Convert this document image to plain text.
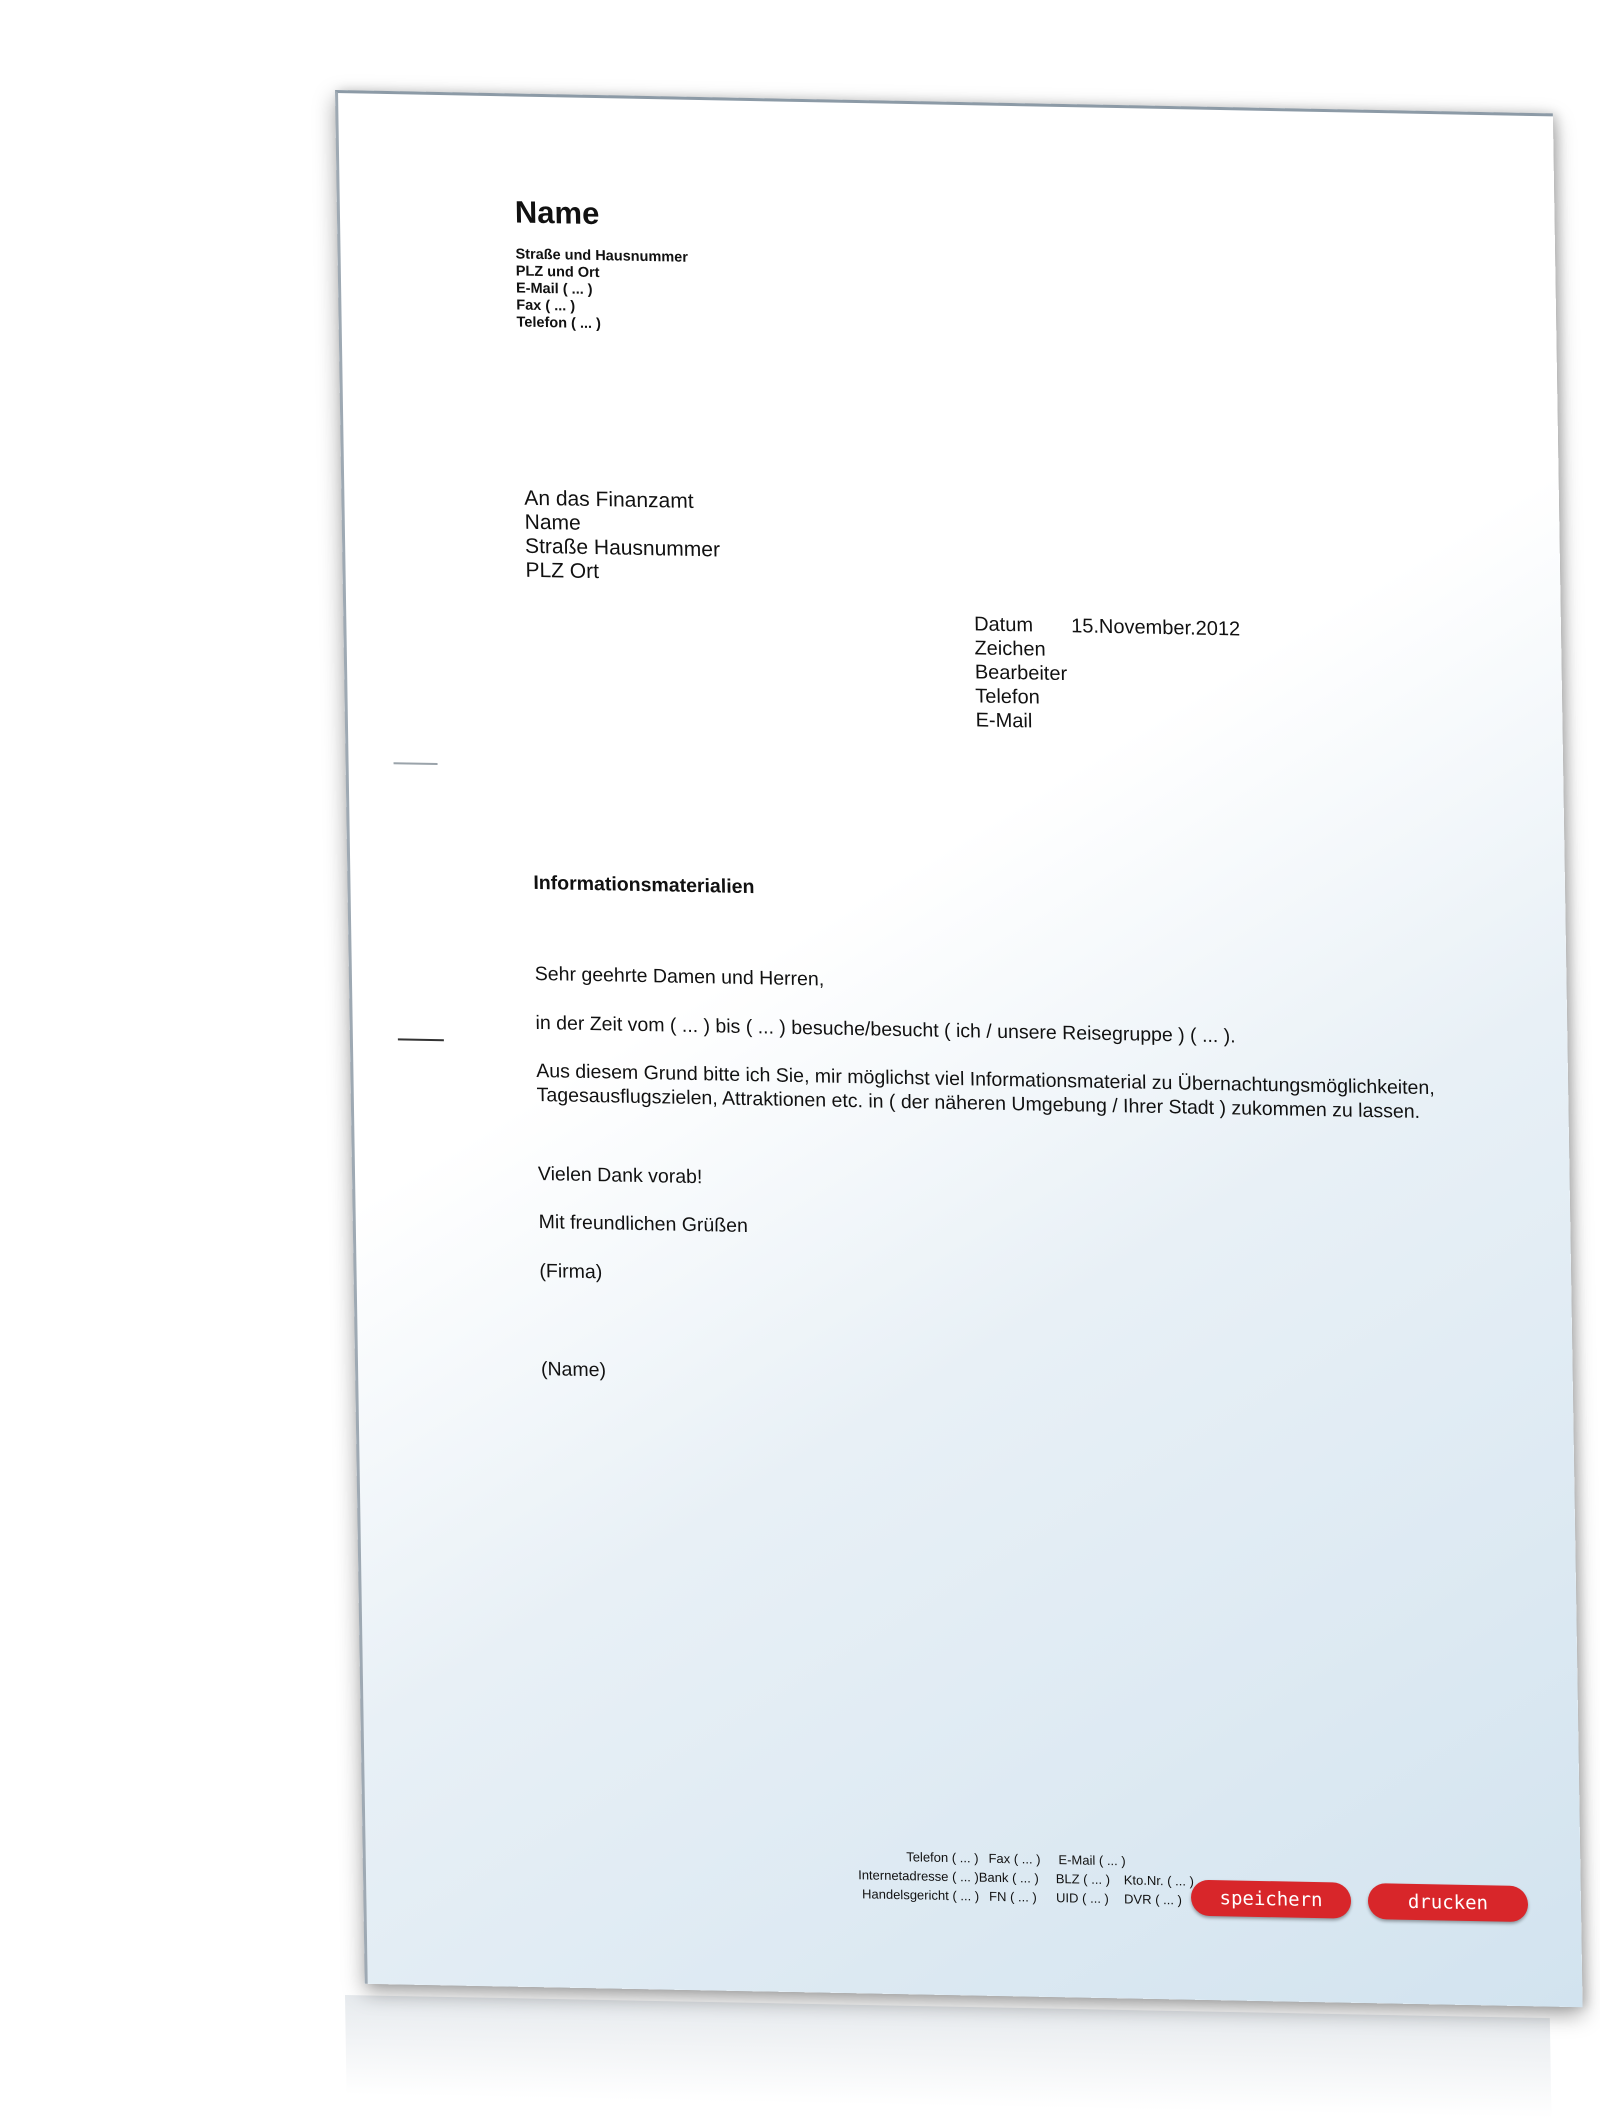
Name
Straße und Hausnummer
PLZ und Ort
E-Mail ( ... )
Fax ( ... )
Telefon ( ... )
An das Finanzamt
Name
Straße Hausnummer
PLZ Ort
Datum 15.November.2012
Zeichen
Bearbeiter
Telefon
E-Mail
Informationsmaterialien
Sehr geehrte Damen und Herren,
in der Zeit vom ( ... ) bis ( ... ) besuche/besucht ( ich / unsere Reisegruppe ) ( ... ).
Aus diesem Grund bitte ich Sie, mir möglichst viel Informationsmaterial zu Übernachtungsmöglichkeiten, Tagesausflugszielen, Attraktionen etc. in ( der näheren Umgebung / Ihrer Stadt ) zukommen zu lassen.
Vielen Dank vorab!
Mit freundlichen Grüßen
(Firma)
(Name)
Telefon ( ... )
Internetadresse ( ... )
Handelsgericht ( ... )
Fax ( ... )
Bank ( ... )
FN ( ... )
E-Mail ( ... )
BLZ ( ... )
UID ( ... )
Kto.Nr. ( ... )
DVR ( ... )	speichern	drucken
